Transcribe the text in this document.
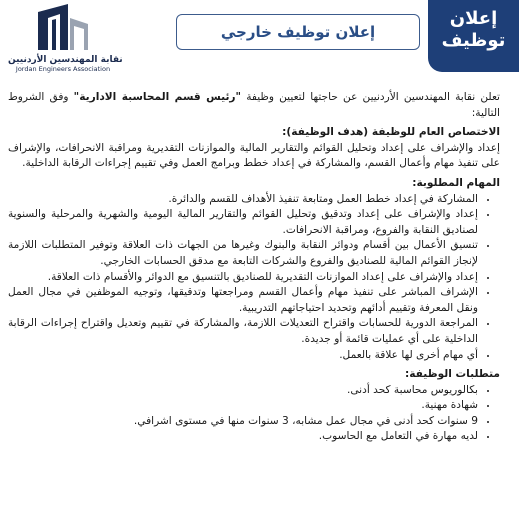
نقابة المهندسين الأردنيين
Jordan Engineers Association
إعلان توظيف خارجي
إعلان
توظيف

تعلن نقابة المهندسين الأردنيين عن حاجتها لتعيين وظيفة "رئيس قسم المحاسبة الادارية" وفق الشروط التالية:

الاختصاص العام للوظيفة (هدف الوظيفة):

إعداد والإشراف على إعداد وتحليل القوائم والتقارير المالية والموازنات التقديرية ومراقبة الانحرافات، والإشراف على تنفيذ مهام وأعمال القسم، والمشاركة في إعداد خطط وبرامج العمل وفي تقييم إجراءات الرقابة الداخلية.

المهام المطلوبة:

• المشاركة في إعداد خطط العمل ومتابعة تنفيذ الأهداف للقسم والدائرة.
• إعداد والإشراف على إعداد وتدقيق وتحليل القوائم والتقارير المالية اليومية والشهرية والمرحلية والسنوية لصناديق النقابة والفروع، ومراقبة الانحرافات.
• تنسيق الأعمال بين أقسام ودوائر النقابة والبنوك وغيرها من الجهات ذات العلاقة وتوفير المتطلبات اللازمة لإنجاز القوائم المالية للصناديق والفروع والشركات التابعة مع مدقق الحسابات الخارجي.
• إعداد والإشراف على إعداد الموازنات التقديرية للصناديق بالتنسيق مع الدوائر والأقسام ذات العلاقة.
• الإشراف المباشر على تنفيذ مهام وأعمال القسم ومراجعتها وتدقيقها، وتوجيه الموظفين في مجال العمل ونقل المعرفة وتقييم أدائهم وتحديد احتياجاتهم التدريبية.
• المراجعة الدورية للحسابات واقتراح التعديلات اللازمة، والمشاركة في تقييم وتعديل واقتراح إجراءات الرقابة الداخلية على أي عمليات قائمة أو جديدة.
• أي مهام أخرى لها علاقة بالعمل.

متطلبات الوظيفة:

• بكالوريوس محاسبة كحد أدنى.
• شهادة مهنية.
• 9 سنوات كحد أدنى في مجال عمل مشابه، 3 سنوات منها في مستوى اشرافي.
• لديه مهارة في التعامل مع الحاسوب.
